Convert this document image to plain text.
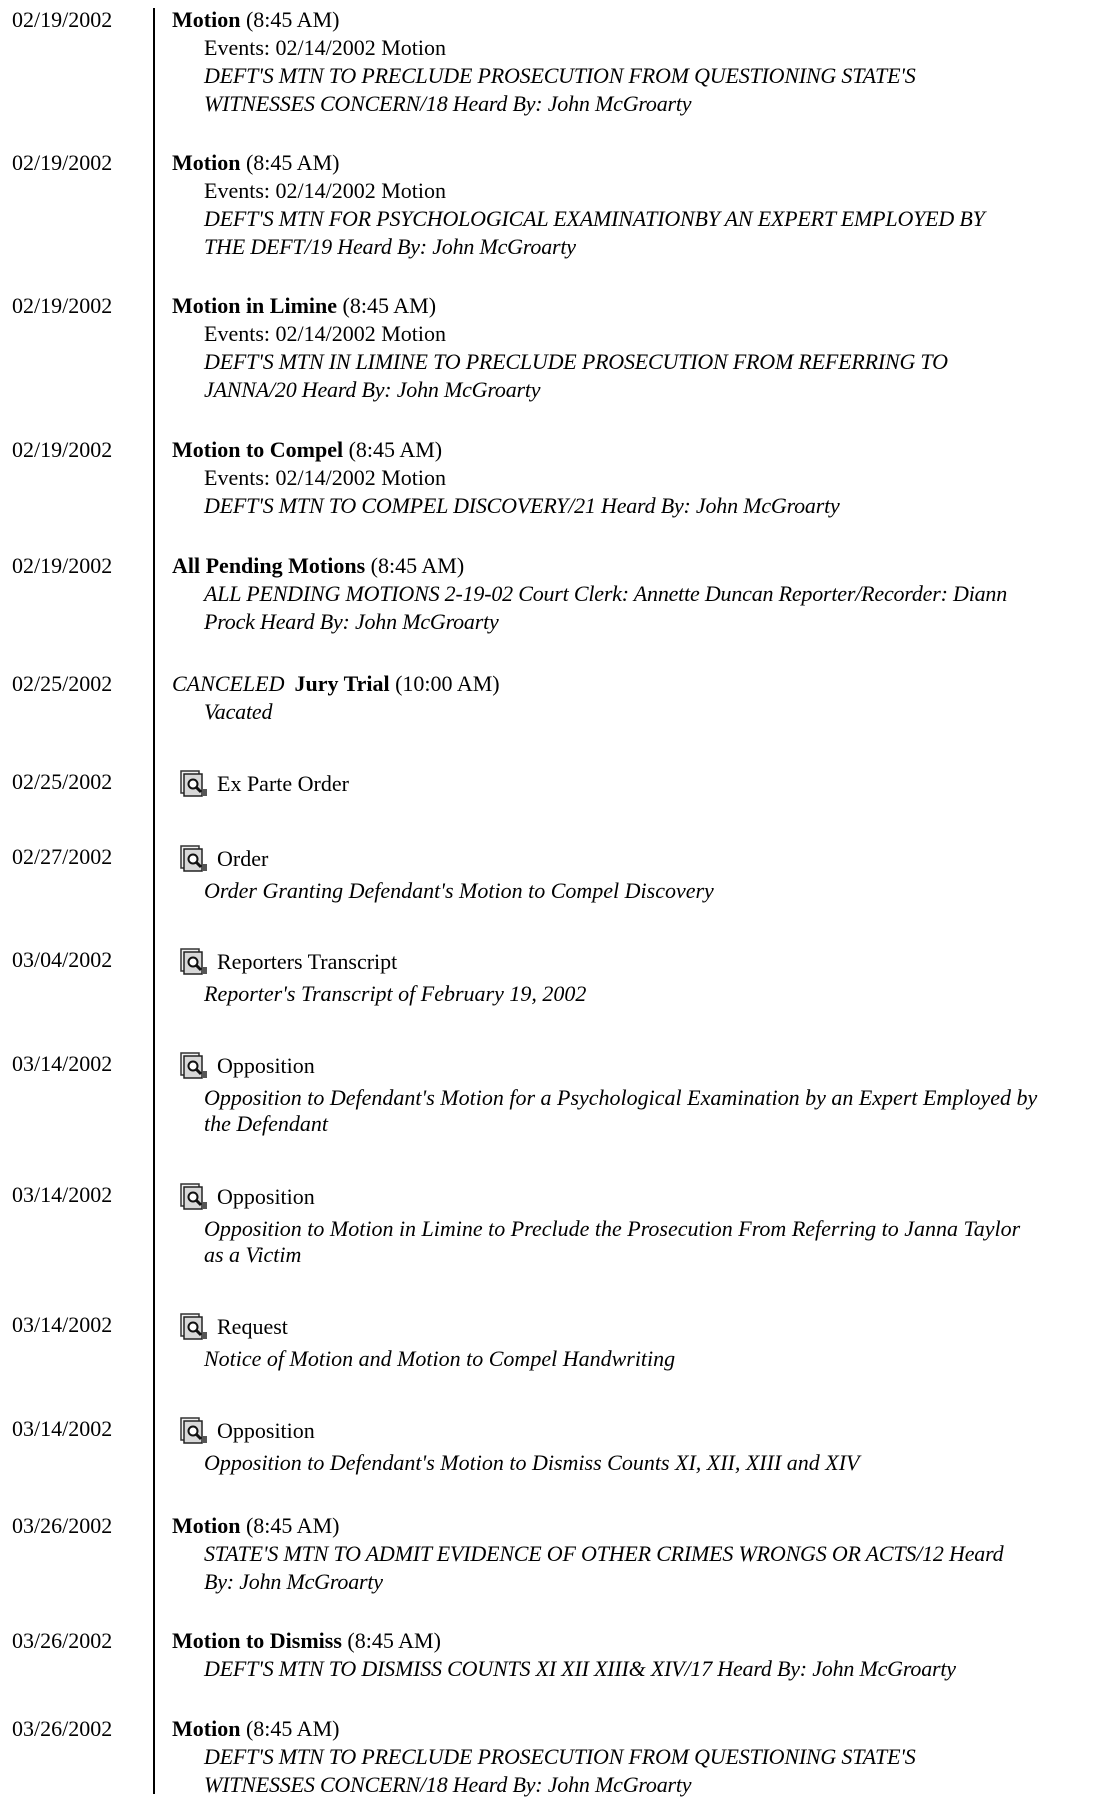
02/19/2002	Motion (8:45 AM)
Events: 02/14/2002 Motion
DEFT'S MTN TO PRECLUDE PROSECUTION FROM QUESTIONING STATE'S
WITNESSES CONCERN/18 Heard By: John McGroarty
02/19/2002	Motion (8:45 AM)
Events: 02/14/2002 Motion
DEFT'S MTN FOR PSYCHOLOGICAL EXAMINATIONBY AN EXPERT EMPLOYED BY
THE DEFT/19 Heard By: John McGroarty
02/19/2002	Motion in Limine (8:45 AM)
Events: 02/14/2002 Motion
DEFT'S MTN IN LIMINE TO PRECLUDE PROSECUTION FROM REFERRING TO
JANNA/20 Heard By: John McGroarty
02/19/2002	Motion to Compel (8:45 AM)
Events: 02/14/2002 Motion
DEFT'S MTN TO COMPEL DISCOVERY/21 Heard By: John McGroarty
02/19/2002	All Pending Motions (8:45 AM)
ALL PENDING MOTIONS 2-19-02 Court Clerk: Annette Duncan Reporter/Recorder: Diann
Prock Heard By: John McGroarty
02/25/2002	CANCELED Jury Trial (10:00 AM)
Vacated
02/25/2002	Ex Parte Order
02/27/2002	Order
Order Granting Defendant's Motion to Compel Discovery
03/04/2002	Reporters Transcript
Reporter's Transcript of February 19, 2002
03/14/2002	Opposition
Opposition to Defendant's Motion for a Psychological Examination by an Expert Employed by
the Defendant
03/14/2002	Opposition
Opposition to Motion in Limine to Preclude the Prosecution From Referring to Janna Taylor
as a Victim
03/14/2002	Request
Notice of Motion and Motion to Compel Handwriting
03/14/2002	Opposition
Opposition to Defendant's Motion to Dismiss Counts XI, XII, XIII and XIV
03/26/2002	Motion (8:45 AM)
STATE'S MTN TO ADMIT EVIDENCE OF OTHER CRIMES WRONGS OR ACTS/12 Heard
By: John McGroarty
03/26/2002	Motion to Dismiss (8:45 AM)
DEFT'S MTN TO DISMISS COUNTS XI XII XIII& XIV/17 Heard By: John McGroarty
03/26/2002	Motion (8:45 AM)
DEFT'S MTN TO PRECLUDE PROSECUTION FROM QUESTIONING STATE'S
WITNESSES CONCERN/18 Heard By: John McGroarty
